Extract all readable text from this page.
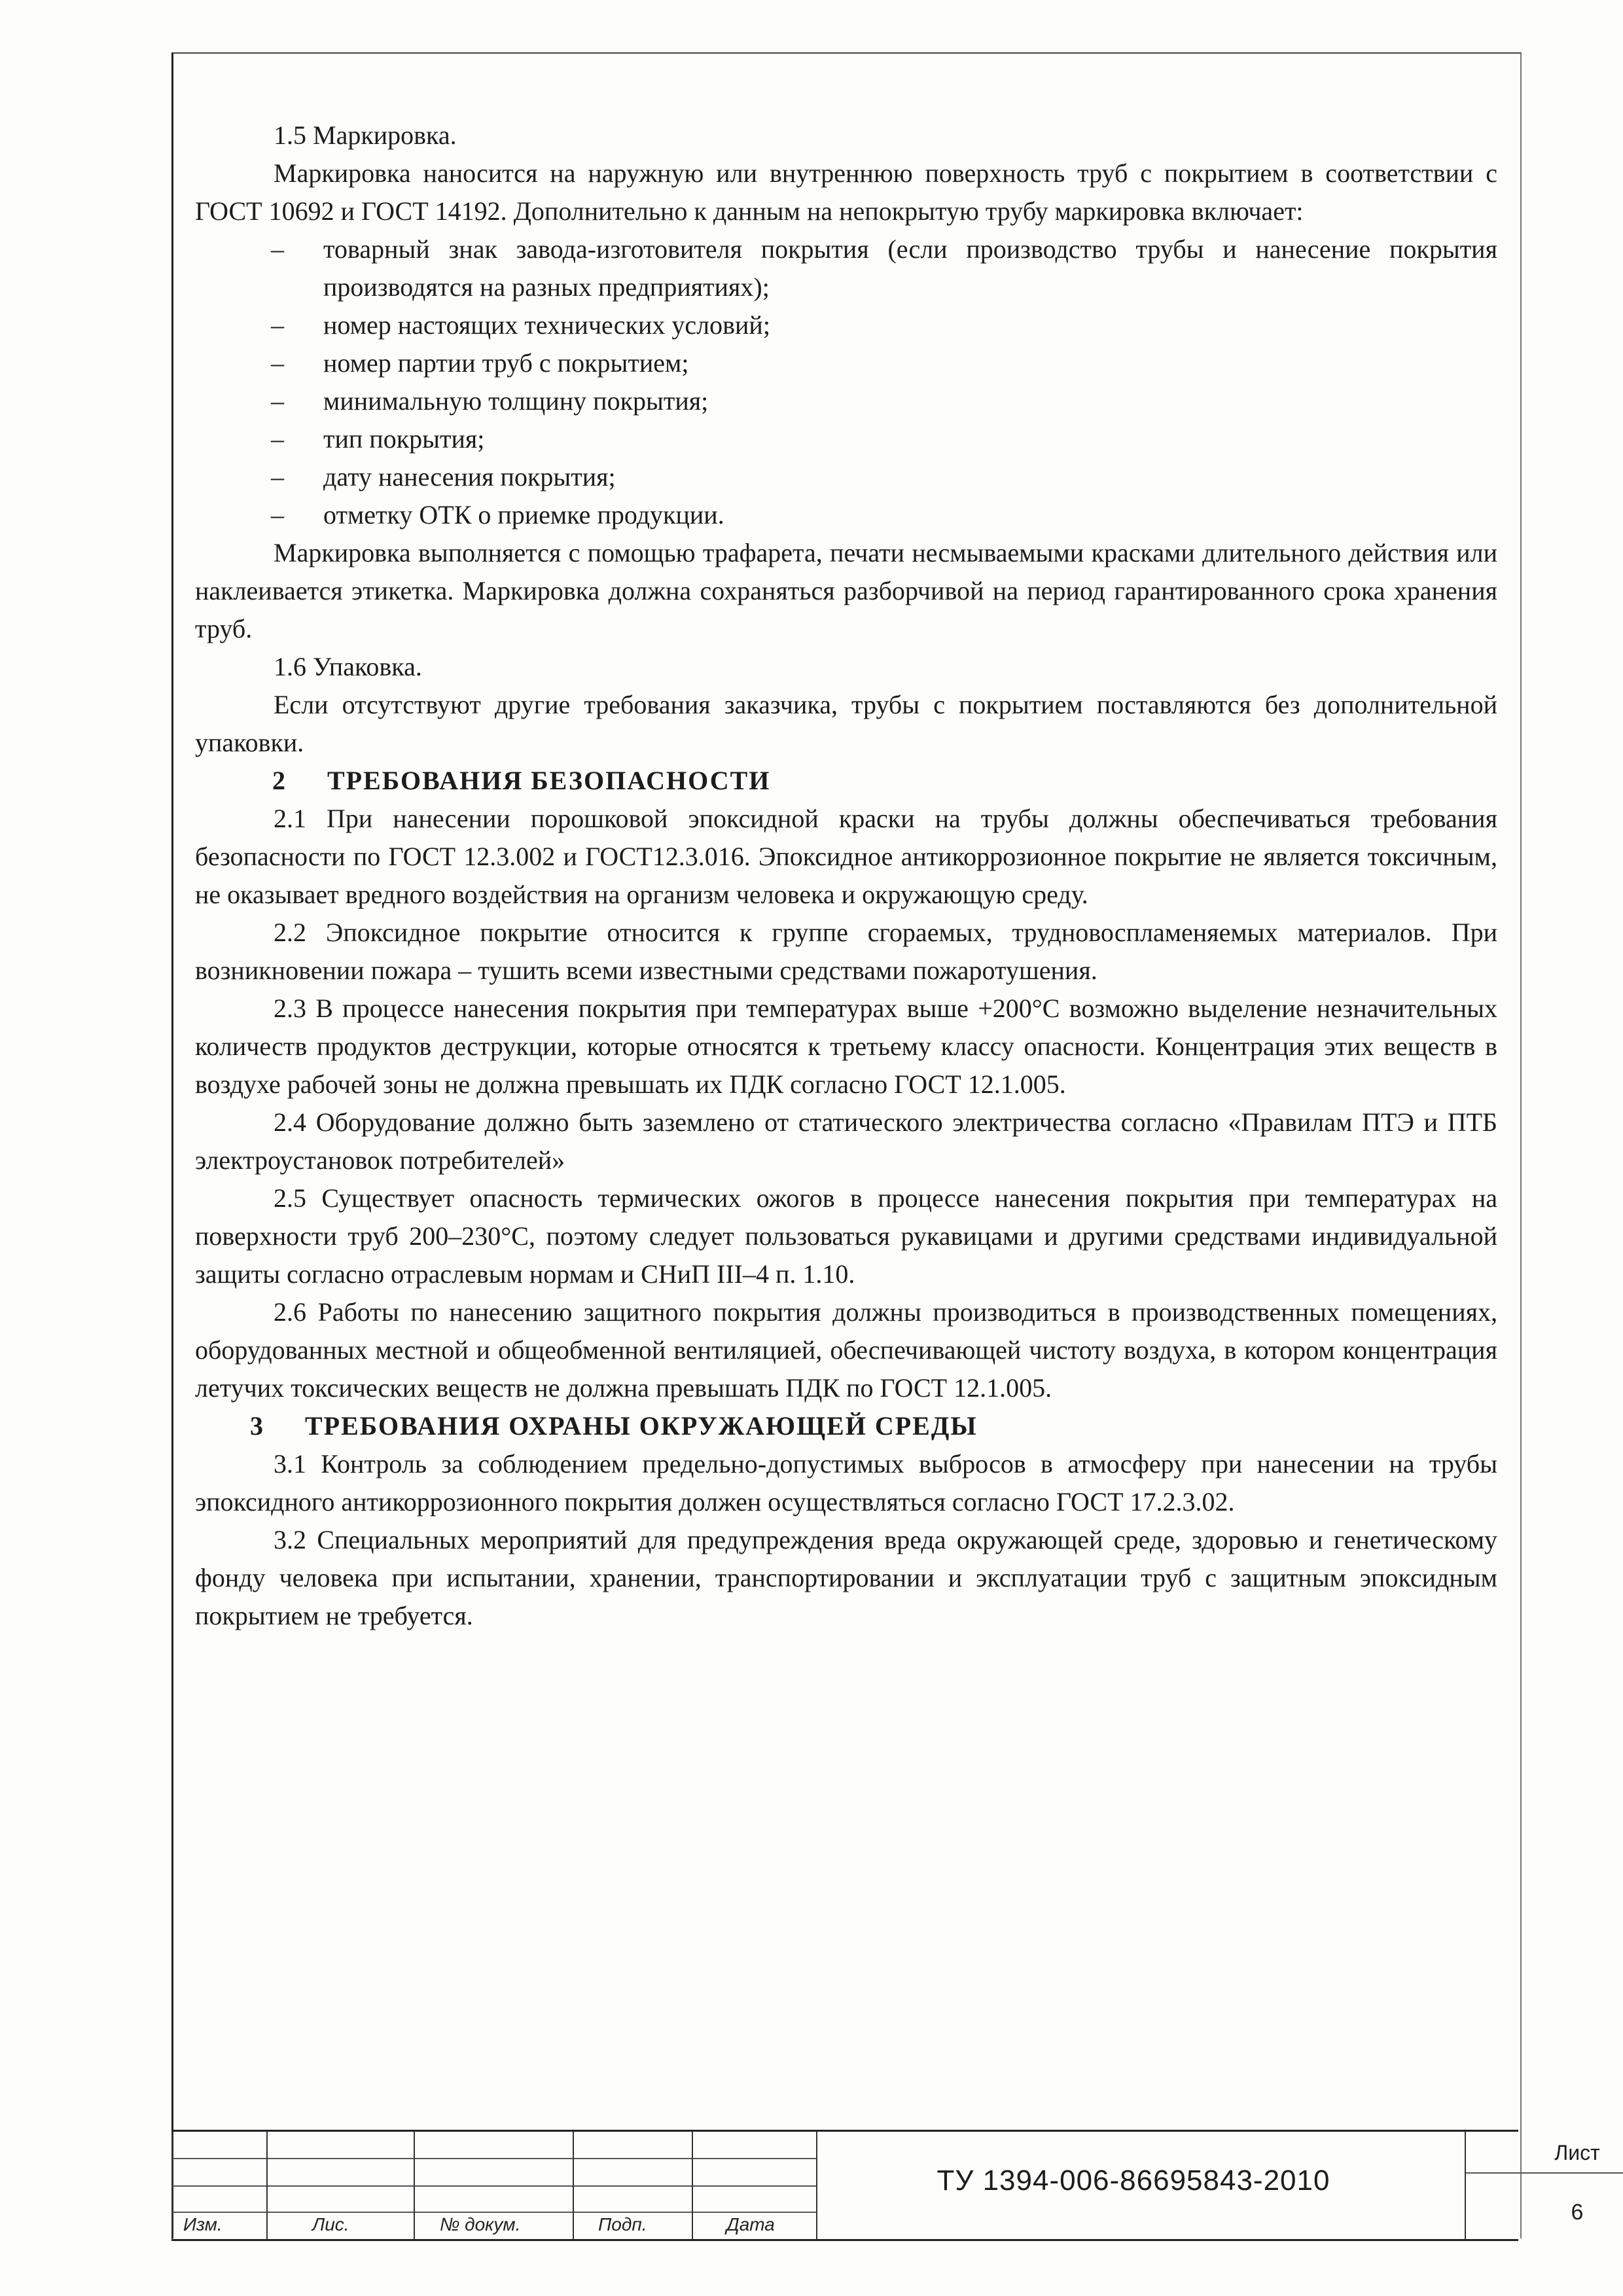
1.5 Маркировка.

Маркировка наносится на наружную или внутреннюю поверхность труб с покрытием в соответствии с ГОСТ 10692 и ГОСТ 14192. Дополнительно к данным на непокрытую трубу маркировка включает:

– товарный знак завода-изготовителя покрытия (если производство трубы и нанесение покрытия производятся на разных предприятиях);
– номер настоящих технических условий;
– номер партии труб с покрытием;
– минимальную толщину покрытия;
– тип покрытия;
– дату нанесения покрытия;
– отметку ОТК о приемке продукции.

Маркировка выполняется с помощью трафарета, печати несмываемыми красками длительного действия или наклеивается этикетка. Маркировка должна сохраняться разборчивой на период гарантированного срока хранения труб.

1.6 Упаковка.

Если отсутствуют другие требования заказчика, трубы с покрытием поставляются без дополнительной упаковки.

2 ТРЕБОВАНИЯ БЕЗОПАСНОСТИ

2.1 При нанесении порошковой эпоксидной краски на трубы должны обеспечиваться требования безопасности по ГОСТ 12.3.002 и ГОСТ12.3.016. Эпоксидное антикоррозионное покрытие не является токсичным, не оказывает вредного воздействия на организм человека и окружающую среду.

2.2 Эпоксидное покрытие относится к группе сгораемых, трудновоспламеняемых материалов. При возникновении пожара – тушить всеми известными средствами пожаротушения.

2.3 В процессе нанесения покрытия при температурах выше +200°С возможно выделение незначительных количеств продуктов деструкции, которые относятся к третьему классу опасности. Концентрация этих веществ в воздухе рабочей зоны не должна превышать их ПДК согласно ГОСТ 12.1.005.

2.4 Оборудование должно быть заземлено от статического электричества согласно «Правилам ПТЭ и ПТБ электроустановок потребителей»

2.5 Существует опасность термических ожогов в процессе нанесения покрытия при температурах на поверхности труб 200–230°С, поэтому следует пользоваться рукавицами и другими средствами индивидуальной защиты согласно отраслевым нормам и СНиП III–4 п. 1.10.

2.6 Работы по нанесению защитного покрытия должны производиться в производственных помещениях, оборудованных местной и общеобменной вентиляцией, обеспечивающей чистоту воздуха, в котором концентрация летучих токсических веществ не должна превышать ПДК по ГОСТ 12.1.005.

3 ТРЕБОВАНИЯ ОХРАНЫ ОКРУЖАЮЩЕЙ СРЕДЫ

3.1 Контроль за соблюдением предельно-допустимых выбросов в атмосферу при нанесении на трубы эпоксидного антикоррозионного покрытия должен осуществляться согласно ГОСТ 17.2.3.02.

3.2 Специальных мероприятий для предупреждения вреда окружающей среде, здоровью и генетическому фонду человека при испытании, хранении, транспортировании и эксплуатации труб с защитным эпоксидным покрытием не требуется.

Изм.	Лис.	№ докум.	Подп.	Дата
ТУ 1394-006-86695843-2010
Лист
6
